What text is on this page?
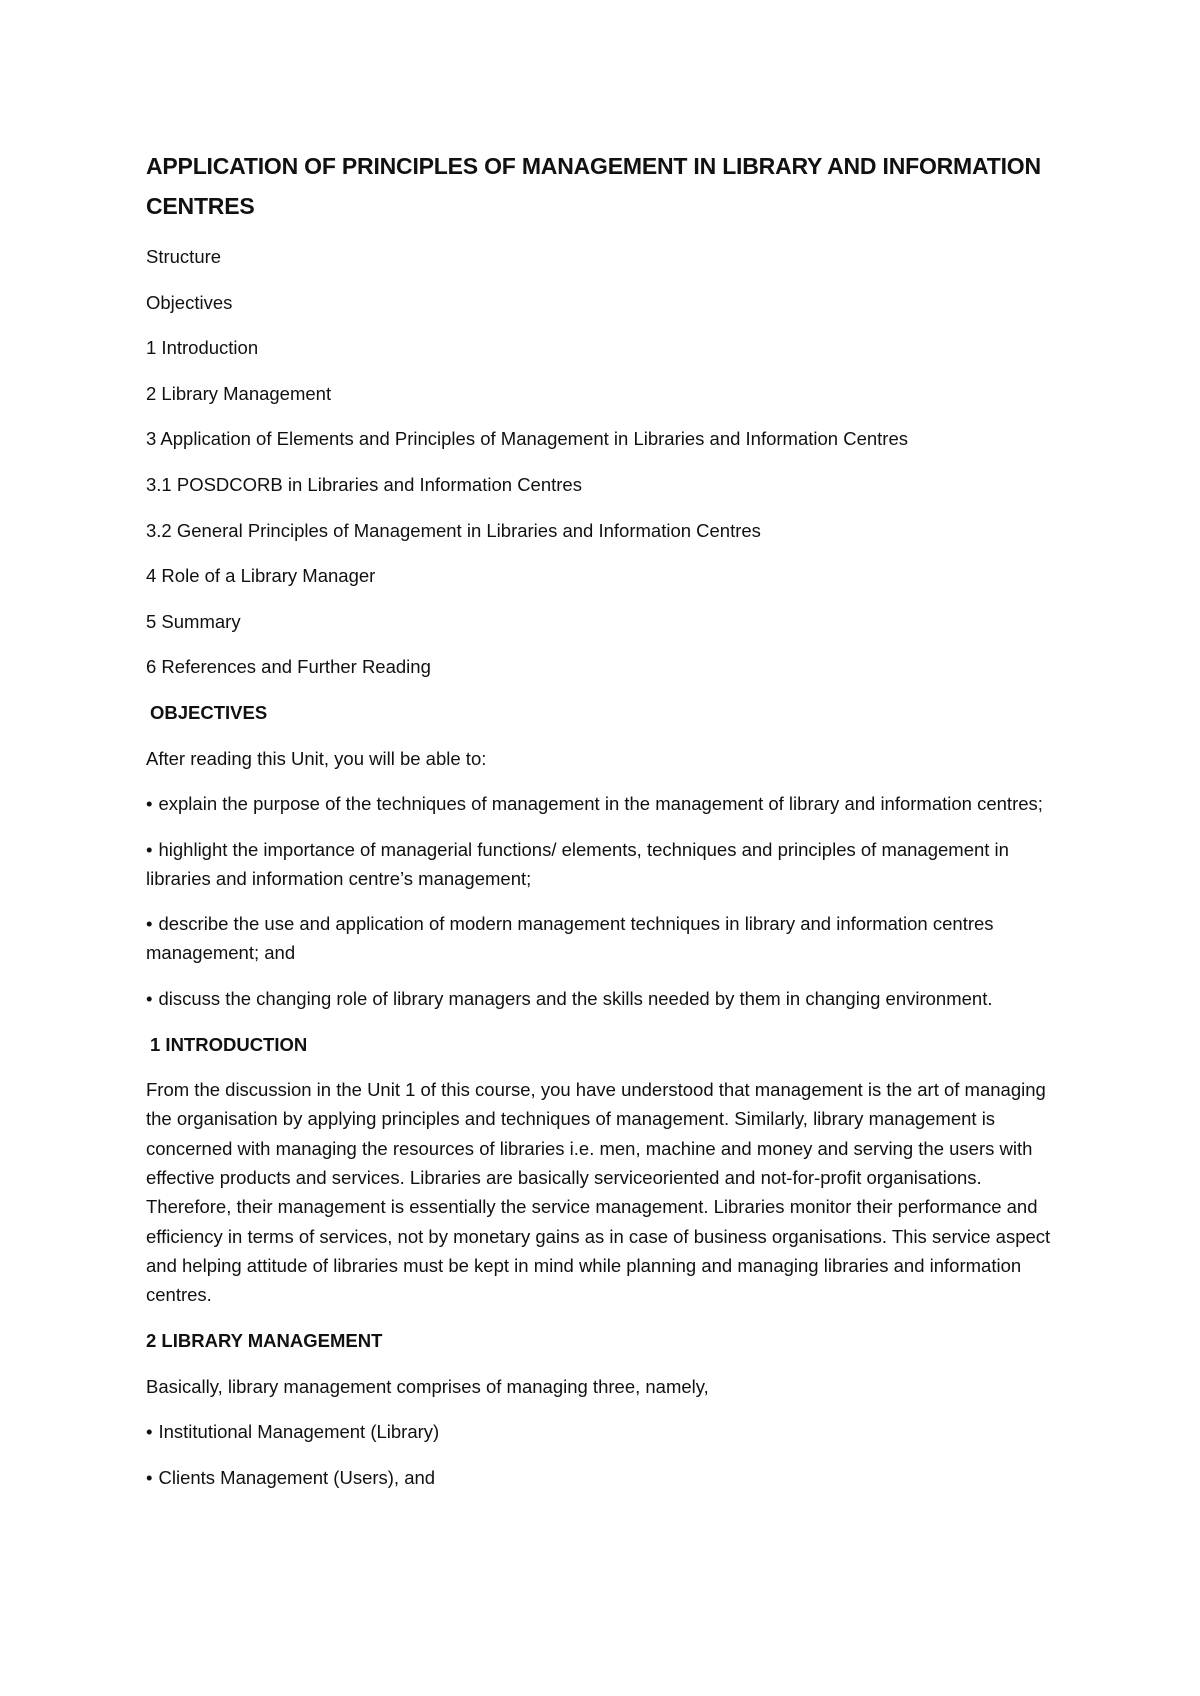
APPLICATION OF PRINCIPLES OF MANAGEMENT IN LIBRARY AND INFORMATION CENTRES

Structure

Objectives

1 Introduction

2 Library Management

3 Application of Elements and Principles of Management in Libraries and Information Centres

3.1 POSDCORB in Libraries and Information Centres

3.2 General Principles of Management in Libraries and Information Centres

4 Role of a Library Manager

5 Summary

6 References and Further Reading

OBJECTIVES

After reading this Unit, you will be able to:

• explain the purpose of the techniques of management in the management of library and information centres;

• highlight the importance of managerial functions/ elements, techniques and principles of management in libraries and information centre’s management;

• describe the use and application of modern management techniques in library and information centres management; and

• discuss the changing role of library managers and the skills needed by them in changing environment.

1 INTRODUCTION

From the discussion in the Unit 1 of this course, you have understood that management is the art of managing the organisation by applying principles and techniques of management. Similarly, library management is concerned with managing the resources of libraries i.e. men, machine and money and serving the users with effective products and services. Libraries are basically serviceoriented and not-for-profit organisations. Therefore, their management is essentially the service management. Libraries monitor their performance and efficiency in terms of services, not by monetary gains as in case of business organisations. This service aspect and helping attitude of libraries must be kept in mind while planning and managing libraries and information centres.

2 LIBRARY MANAGEMENT

Basically, library management comprises of managing three, namely,

• Institutional Management (Library)

• Clients Management (Users), and
